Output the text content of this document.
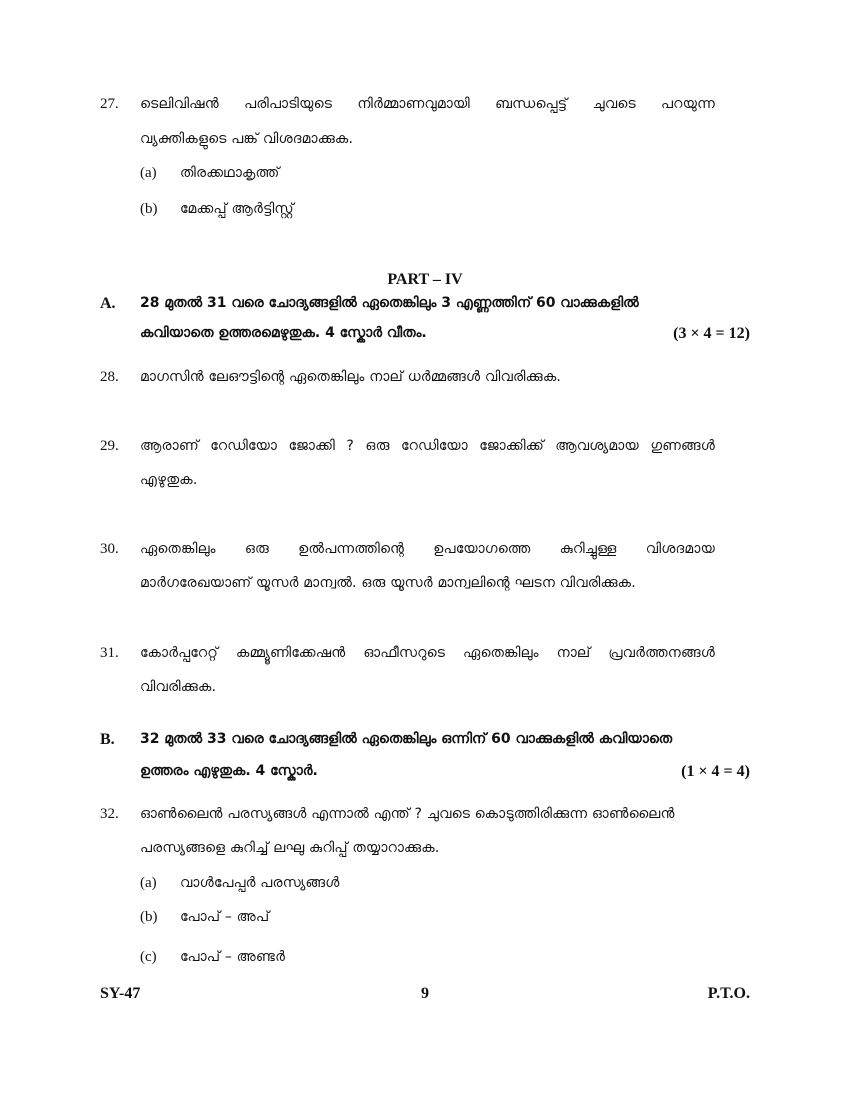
27. ടെലിവിഷൻ പരിപാടിയുടെ നിർമ്മാണവുമായി ബന്ധപ്പെട്ട് ചുവടെ പറയുന്ന
വ്യക്തികളുടെ പങ്ക് വിശദമാക്കുക.
(a) തിരക്കഥാകൃത്ത്
(b) മേക്കപ്പ് ആർട്ടിസ്റ്റ്
PART – IV
A. 28 മുതൽ 31 വരെ ചോദ്യങ്ങളിൽ ഏതെങ്കിലും 3 എണ്ണത്തിന് 60 വാക്കുകളിൽ
കവിയാതെ ഉത്തരമെഴുതുക. 4 സ്കോർ വീതം.	(3 × 4 = 12)
28. മാഗസിൻ ലേഔട്ടിന്റെ ഏതെങ്കിലും നാല് ധർമ്മങ്ങൾ വിവരിക്കുക.
29. ആരാണ് റേഡിയോ ജോക്കി ? ഒരു റേഡിയോ ജോക്കിക്ക് ആവശ്യമായ ഗുണങ്ങൾ
എഴുതുക.
30. ഏതെങ്കിലും ഒരു ഉൽപന്നത്തിന്റെ ഉപയോഗത്തെ കുറിച്ചുള്ള വിശദമായ
മാർഗരേഖയാണ് യൂസർ മാന്വൽ. ഒരു യൂസർ മാന്വലിന്റെ ഘടന വിവരിക്കുക.
31. കോർപ്പറേറ്റ് കമ്മ്യൂണിക്കേഷൻ ഓഫീസറുടെ ഏതെങ്കിലും നാല് പ്രവർത്തനങ്ങൾ
വിവരിക്കുക.
B. 32 മുതൽ 33 വരെ ചോദ്യങ്ങളിൽ ഏതെങ്കിലും ഒന്നിന് 60 വാക്കുകളിൽ കവിയാതെ
ഉത്തരം എഴുതുക. 4 സ്കോർ.	(1 × 4 = 4)
32. ഓൺലൈൻ പരസ്യങ്ങൾ എന്നാൽ എന്ത് ? ചുവടെ കൊടുത്തിരിക്കുന്ന ഓൺലൈൻ
പരസ്യങ്ങളെ കുറിച്ച് ലഘു കുറിപ്പ് തയ്യാറാക്കുക.
(a) വാൾപേപ്പർ പരസ്യങ്ങൾ
(b) പോപ് – അപ്
(c) പോപ് – അണ്ടർ
SY-47	9	P.T.O.
